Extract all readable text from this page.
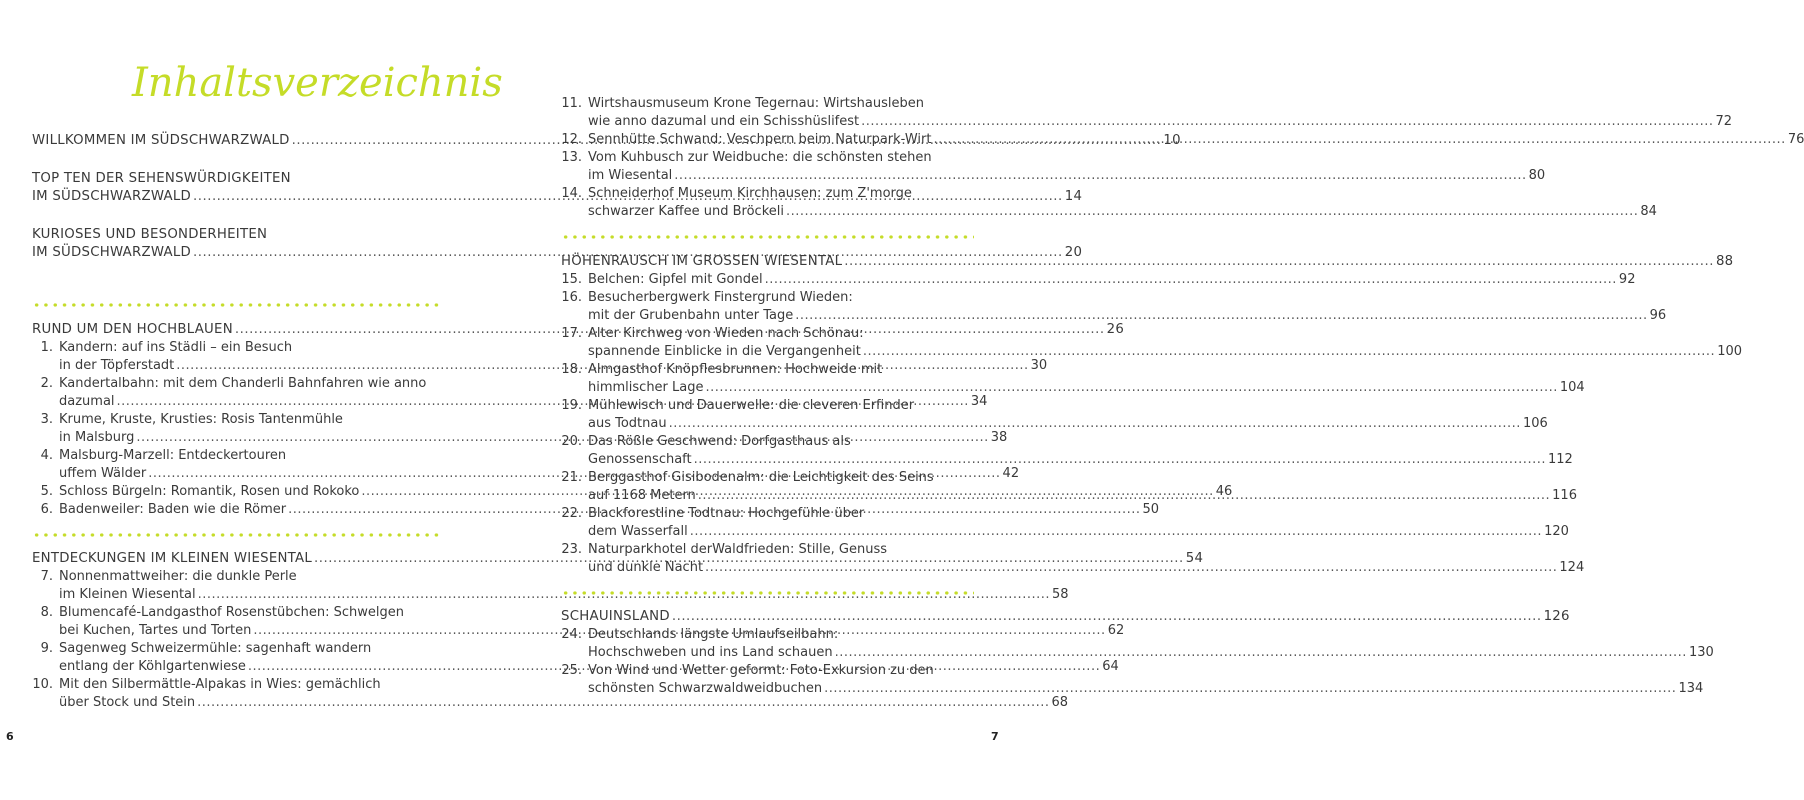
Inhaltsverzeichnis
WILLKOMMEN IM SÜDSCHWARZWALD .....	10
TOP TEN DER SEHENSWÜRDIGKEITEN
IM SÜDSCHWARZWALD .....	14
KURIOSES UND BESONDERHEITEN
IM SÜDSCHWARZWALD .....	20
RUND UM DEN HOCHBLAUEN .....	26
1. Kandern: auf ins Städli – ein Besuch
in der Töpferstadt .....	30
2. Kandertalbahn: mit dem Chanderli Bahnfahren wie anno
dazumal .....	34
3. Krume, Kruste, Krusties: Rosis Tantenmühle
in Malsburg .....	38
4. Malsburg-Marzell: Entdeckertouren
uffem Wälder .....	42
5. Schloss Bürgeln: Romantik, Rosen und Rokoko .....	46
6. Badenweiler: Baden wie die Römer .....	50
ENTDECKUNGEN IM KLEINEN WIESENTAL .....	54
7. Nonnenmattweiher: die dunkle Perle
im Kleinen Wiesental .....	58
8. Blumencafé-Landgasthof Rosenstübchen: Schwelgen
bei Kuchen, Tartes und Torten .....	62
9. Sagenweg Schweizermühle: sagenhaft wandern
entlang der Köhlgartenwiese .....	64
10. Mit den Silbermättle-Alpakas in Wies: gemächlich
über Stock und Stein .....	68
6
11. Wirtshausmuseum Krone Tegernau: Wirtshausleben
wie anno dazumal und ein Schisshüslifest .....	72
12. Sennhütte Schwand: Veschpern beim Naturpark-Wirt .....	76
13. Vom Kuhbusch zur Weidbuche: die schönsten stehen
im Wiesental .....	80
14. Schneiderhof Museum Kirchhausen: zum Z'morge
schwarzer Kaffee und Bröckeli .....	84
HÖHENRAUSCH IM GROSSEN WIESENTAL .....	88
15. Belchen: Gipfel mit Gondel .....	92
16. Besucherbergwerk Finstergrund Wieden:
mit der Grubenbahn unter Tage .....	96
17. Alter Kirchweg von Wieden nach Schönau:
spannende Einblicke in die Vergangenheit .....	100
18. Almgasthof Knöpflesbrunnen: Hochweide mit
himmlischer Lage .....	104
19. Mühlewisch und Dauerwelle: die cleveren Erfinder
aus Todtnau .....	106
20. Das Rößle Geschwend: Dorfgasthaus als
Genossenschaft .....	112
21. Berggasthof Gisibodenalm: die Leichtigkeit des Seins
auf 1168 Metern .....	116
22. Blackforestline Todtnau: Hochgefühle über
dem Wasserfall .....	120
23. Naturparkhotel derWaldfrieden: Stille, Genuss
und dunkle Nacht .....	124
SCHAUINSLAND .....	126
24. Deutschlands längste Umlaufseilbahn:
Hochschweben und ins Land schauen .....	130
25. Von Wind und Wetter geformt: Foto-Exkursion zu den
schönsten Schwarzwaldweidbuchen .....	134
7
